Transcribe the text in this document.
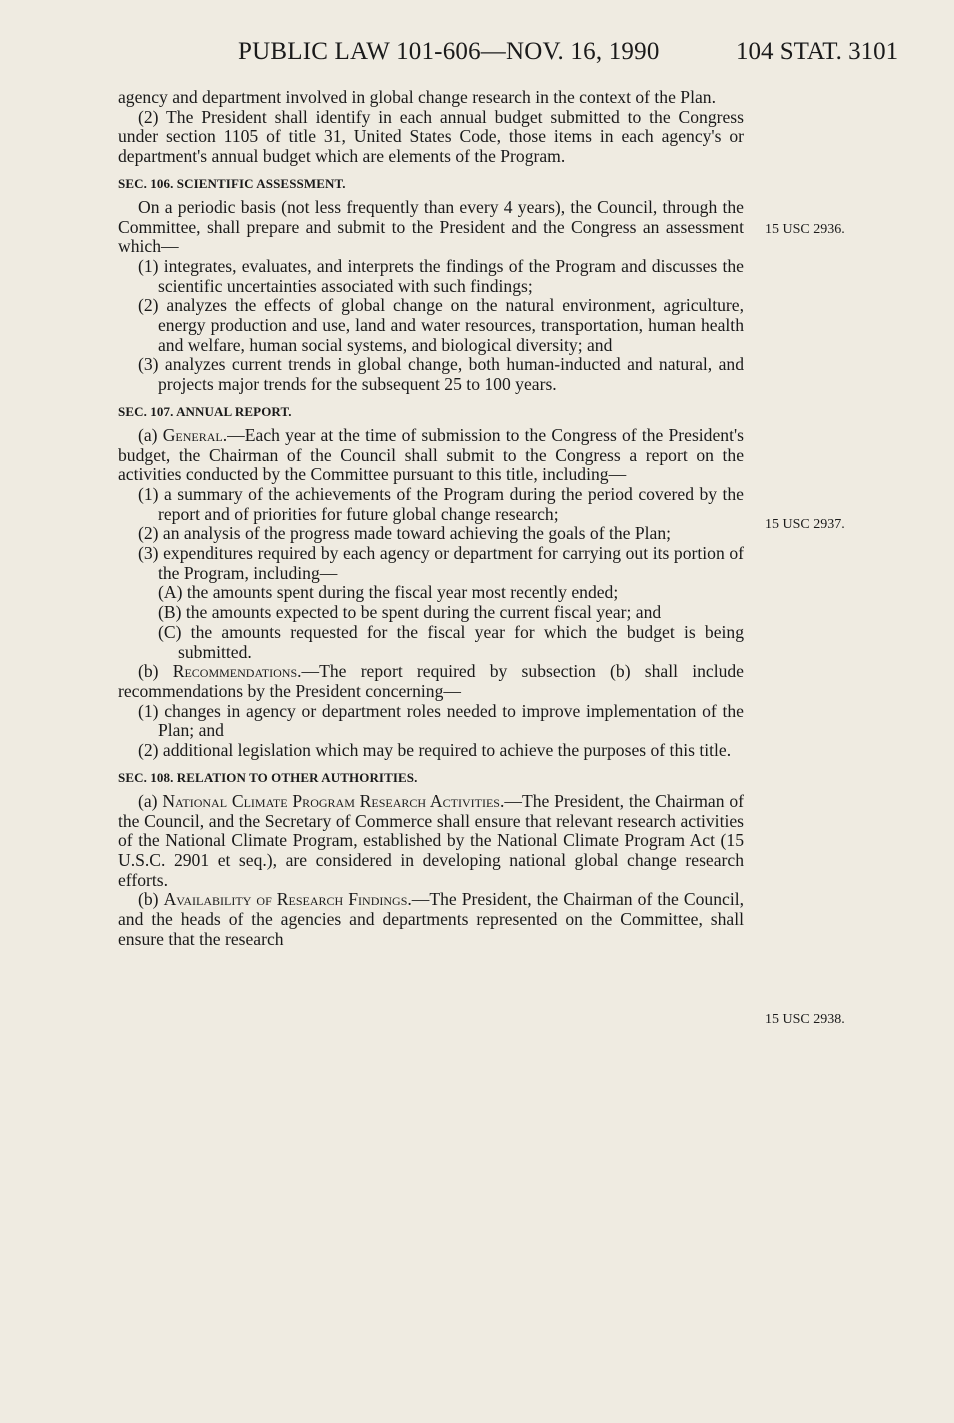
PUBLIC LAW 101-606—NOV. 16, 1990	104 STAT. 3101
15 USC 2936.
15 USC 2937.
15 USC 2938.

agency and department involved in global change research in the context of the Plan.

(2) The President shall identify in each annual budget submitted to the Congress under section 1105 of title 31, United States Code, those items in each agency's or department's annual budget which are elements of the Program.

SEC. 106. SCIENTIFIC ASSESSMENT.

On a periodic basis (not less frequently than every 4 years), the Council, through the Committee, shall prepare and submit to the President and the Congress an assessment which—

(1) integrates, evaluates, and interprets the findings of the Program and discusses the scientific uncertainties associated with such findings;

(2) analyzes the effects of global change on the natural environment, agriculture, energy production and use, land and water resources, transportation, human health and welfare, human social systems, and biological diversity; and

(3) analyzes current trends in global change, both human-inducted and natural, and projects major trends for the subsequent 25 to 100 years.

SEC. 107. ANNUAL REPORT.

(a) General.—Each year at the time of submission to the Congress of the President's budget, the Chairman of the Council shall submit to the Congress a report on the activities conducted by the Committee pursuant to this title, including—

(1) a summary of the achievements of the Program during the period covered by the report and of priorities for future global change research;

(2) an analysis of the progress made toward achieving the goals of the Plan;

(3) expenditures required by each agency or department for carrying out its portion of the Program, including—

(A) the amounts spent during the fiscal year most recently ended;

(B) the amounts expected to be spent during the current fiscal year; and

(C) the amounts requested for the fiscal year for which the budget is being submitted.

(b) Recommendations.—The report required by subsection (b) shall include recommendations by the President concerning—

(1) changes in agency or department roles needed to improve implementation of the Plan; and

(2) additional legislation which may be required to achieve the purposes of this title.

SEC. 108. RELATION TO OTHER AUTHORITIES.

(a) National Climate Program Research Activities.—The President, the Chairman of the Council, and the Secretary of Commerce shall ensure that relevant research activities of the National Climate Program, established by the National Climate Program Act (15 U.S.C. 2901 et seq.), are considered in developing national global change research efforts.

(b) Availability of Research Findings.—The President, the Chairman of the Council, and the heads of the agencies and departments represented on the Committee, shall ensure that the research
